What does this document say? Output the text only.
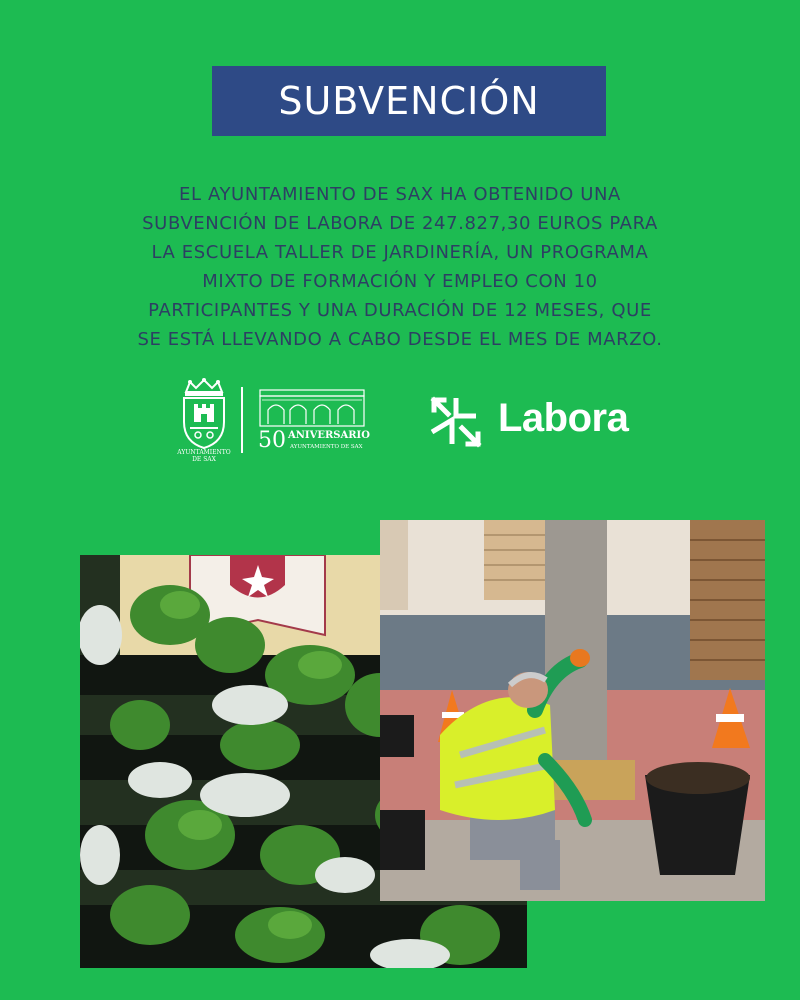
SUBVENCIÓN
EL AYUNTAMIENTO DE SAX HA OBTENIDO UNA
SUBVENCIÓN DE LABORA DE 247.827,30 EUROS PARA
LA ESCUELA TALLER DE JARDINERÍA, UN PROGRAMA
MIXTO DE FORMACIÓN Y EMPLEO CON 10
PARTICIPANTES Y UNA DURACIÓN DE 12 MESES, QUE
SE ESTÁ LLEVANDO A CABO DESDE EL MES DE MARZO.
AYUNTAMIENTO
DE SAX
50 ANIVERSARIO
AYUNTAMIENTO DE SAX
Labora
